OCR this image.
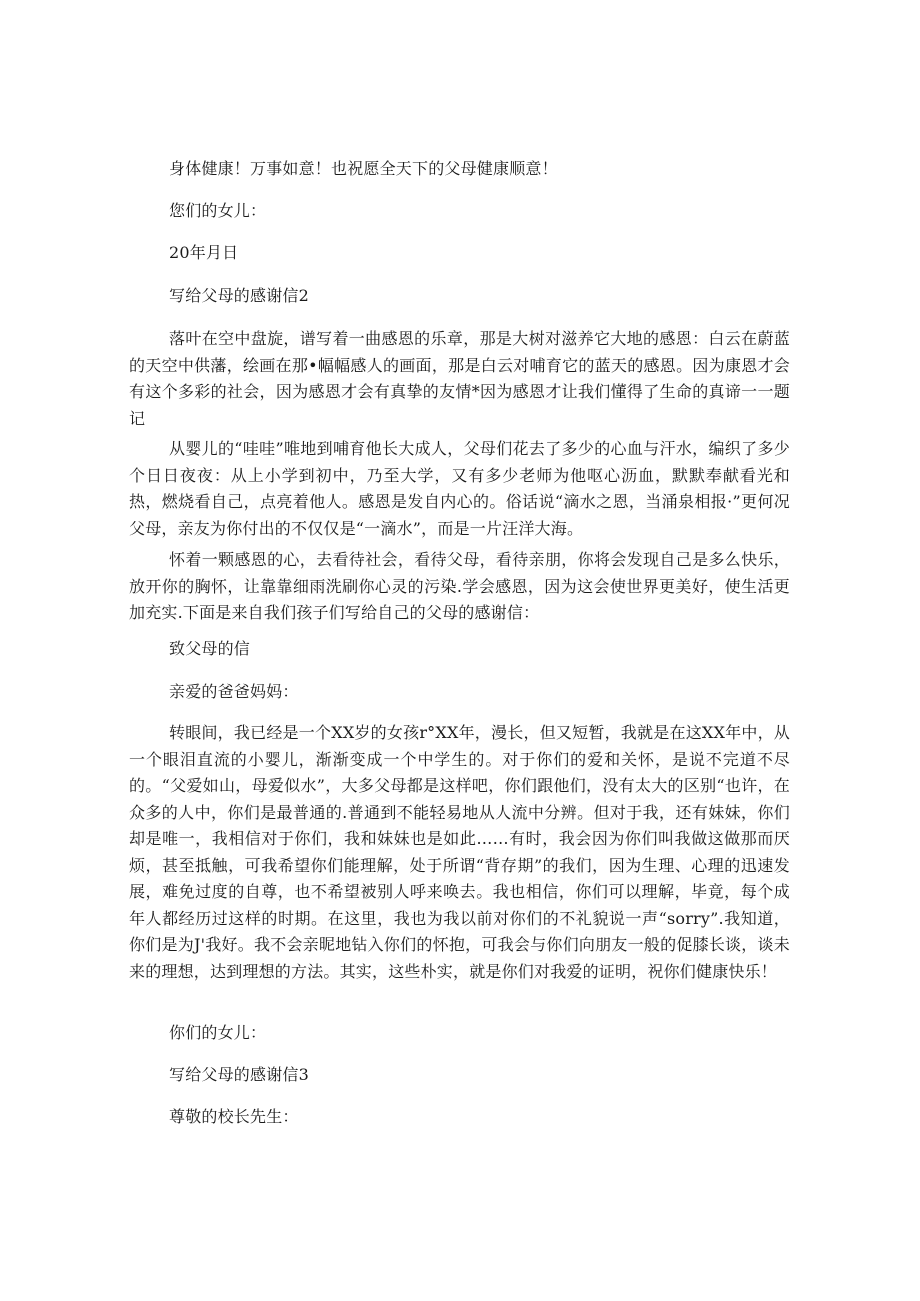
身体健康！万事如意！也祝愿全天下的父母健康顺意！
您们的女儿：
20年月日
写给父母的感谢信2
落叶在空中盘旋，谱写着一曲感恩的乐章，那是大树对滋养它大地的感恩：白云在蔚蓝的天空中供藩，绘画在那•幅幅感人的画面，那是白云对哺育它的蓝天的感恩。因为康恩才会有这个多彩的社会，因为感恩才会有真挚的友情*因为感恩才让我们懂得了生命的真谛一一题记
从婴儿的“哇哇”唯地到哺育他长大成人，父母们花去了多少的心血与汗水，编织了多少个日日夜夜：从上小学到初中，乃至大学，又有多少老师为他呕心沥血，默默奉献看光和热，燃烧看自己，点亮着他人。感恩是发自内心的。俗话说“滴水之恩，当涌泉相报·”更何况父母，亲友为你付出的不仅仅是“一滴水”，而是一片汪洋大海。
怀着一颗感恩的心，去看待社会，看待父母，看待亲朋，你将会发现自己是多么快乐，放开你的胸怀，让靠靠细雨洗刷你心灵的污染.学会感恩，因为这会使世界更美好，使生活更加充实.下面是来自我们孩子们写给自己的父母的感谢信：
致父母的信
亲爱的爸爸妈妈：
转眼间，我已经是一个XX岁的女孩r°XX年，漫长，但又短暂，我就是在这XX年中，从一个眼泪直流的小婴儿，渐渐变成一个中学生的。对于你们的爱和关怀，是说不完道不尽的。“父爱如山，母爱似水”，大多父母都是这样吧，你们跟他们，没有太大的区别“也许，在众多的人中，你们是最普通的.普通到不能轻易地从人流中分辨。但对于我，还有妹妹，你们却是唯一，我相信对于你们，我和妹妹也是如此……有时，我会因为你们叫我做这做那而厌烦，甚至抵触，可我希望你们能理解，处于所谓“背存期”的我们，因为生理、心理的迅速发展，难免过度的自尊，也不希望被别人呼来唤去。我也相信，你们可以理解，毕竟，每个成年人都经历过这样的时期。在这里，我也为我以前对你们的不礼貌说一声“sorry”.我知道，你们是为J'我好。我不会亲昵地钻入你们的怀抱，可我会与你们向朋友一般的促膝长谈，谈未来的理想，达到理想的方法。其实，这些朴实，就是你们对我爱的证明，祝你们健康快乐！
你们的女儿：
写给父母的感谢信3
尊敬的校长先生：
